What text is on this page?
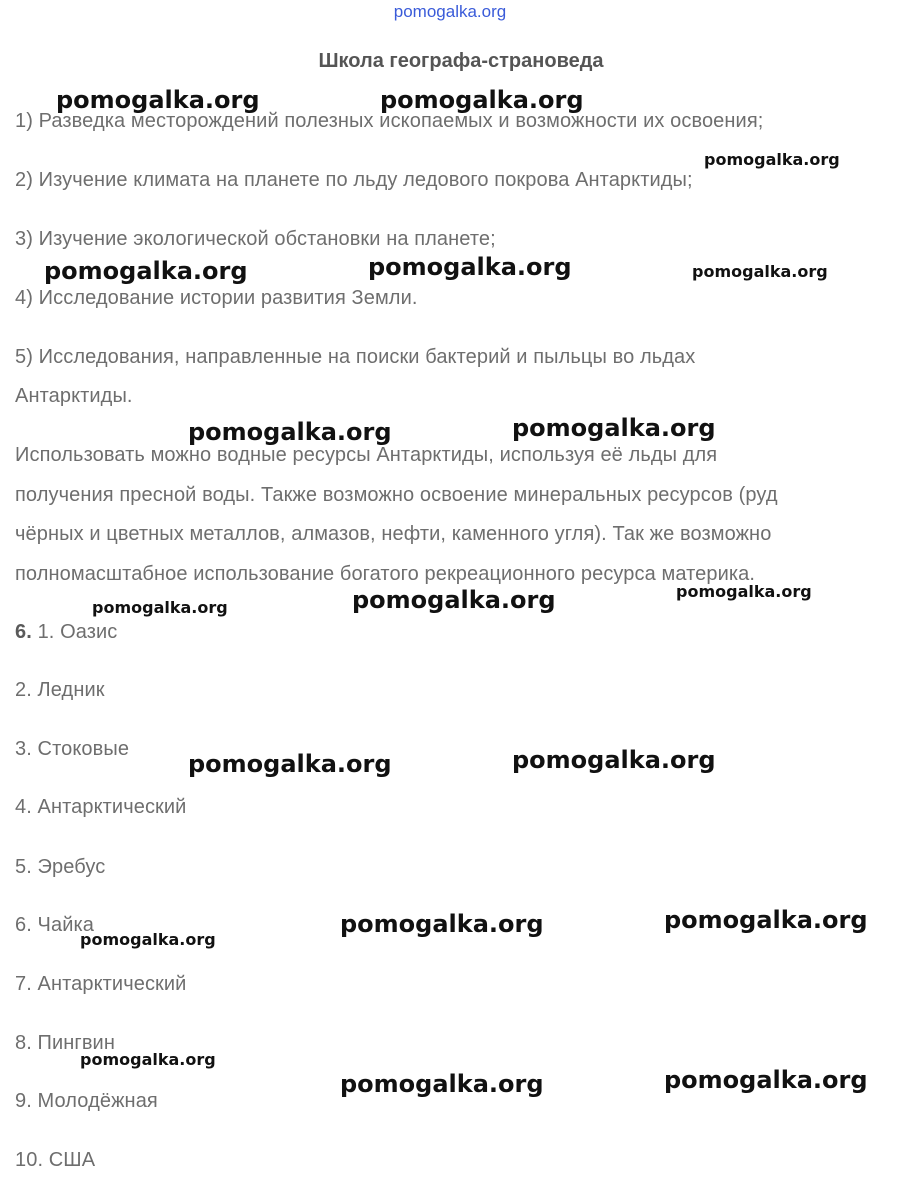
pomogalka.org
Школа географа-страноведа
1) Разведка месторождений полезных ископаемых и возможности их освоения;
2) Изучение климата на планете по льду ледового покрова Антарктиды;
3) Изучение экологической обстановки на планете;
4) Исследование истории развития Земли.
5) Исследования, направленные на поиски бактерий и пыльцы во льдах
Антарктиды.
Использовать можно водные ресурсы Антарктиды, используя её льды для
получения пресной воды. Также возможно освоение минеральных ресурсов (руд
чёрных и цветных металлов, алмазов, нефти, каменного угля). Так же возможно
полномасштабное использование богатого рекреационного ресурса материка.
6. 1. Оазис
2. Ледник
3. Стоковые
4. Антарктический
5. Эребус
6. Чайка
7. Антарктический
8. Пингвин
9. Молодёжная
10. США
pomogalka.org	pomogalka.org
pomogalka.org
pomogalka.org	pomogalka.org	pomogalka.org
pomogalka.org	pomogalka.org
pomogalka.org	pomogalka.org	pomogalka.org
pomogalka.org	pomogalka.org
pomogalka.org	pomogalka.org
pomogalka.org
pomogalka.org
pomogalka.org	pomogalka.org
